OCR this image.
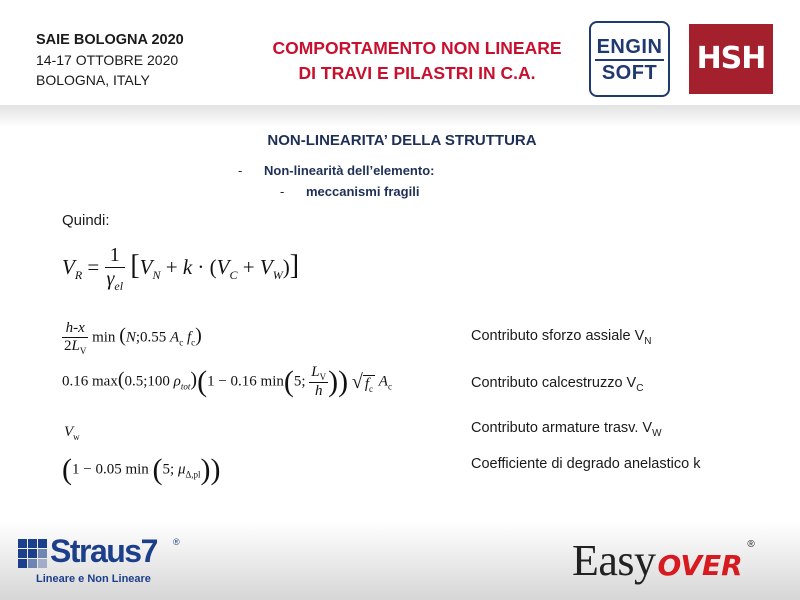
SAIE BOLOGNA 2020
14-17 OTTOBRE 2020
BOLOGNA, ITALY
COMPORTAMENTO NON LINEARE
DI TRAVI E PILASTRI IN C.A.
ENGIN
SOFT	HSH
NON-LINEARITA’ DELLA STRUTTURA
- Non-linearità dell’elemento:
- meccanismi fragili
Quindi:
$V_R = \frac{1}{\gamma_{el}} [V_N + k \cdot (V_C + V_W)]$
$\frac{h-x}{2L_V}$ min (N;0.55 $A_c$ $f_c$)
0.16 max(0.5;100 $\rho_{tot})(1 - 0.16$ min(5; $\frac{L_V}{h}$ )) √ $f_c$ $A_c$
$V_w$
(1 − 0.05 min (5; $\mu_{\Delta,pl}$))
Contributo sforzo assiale $V_N$
Contributo calcestruzzo $V_C$
Contributo armature trasv. $V_W$
Coefficiente di degrado anelastico k
Straus7 ®
Lineare e Non Lineare	EasyOVER
®
